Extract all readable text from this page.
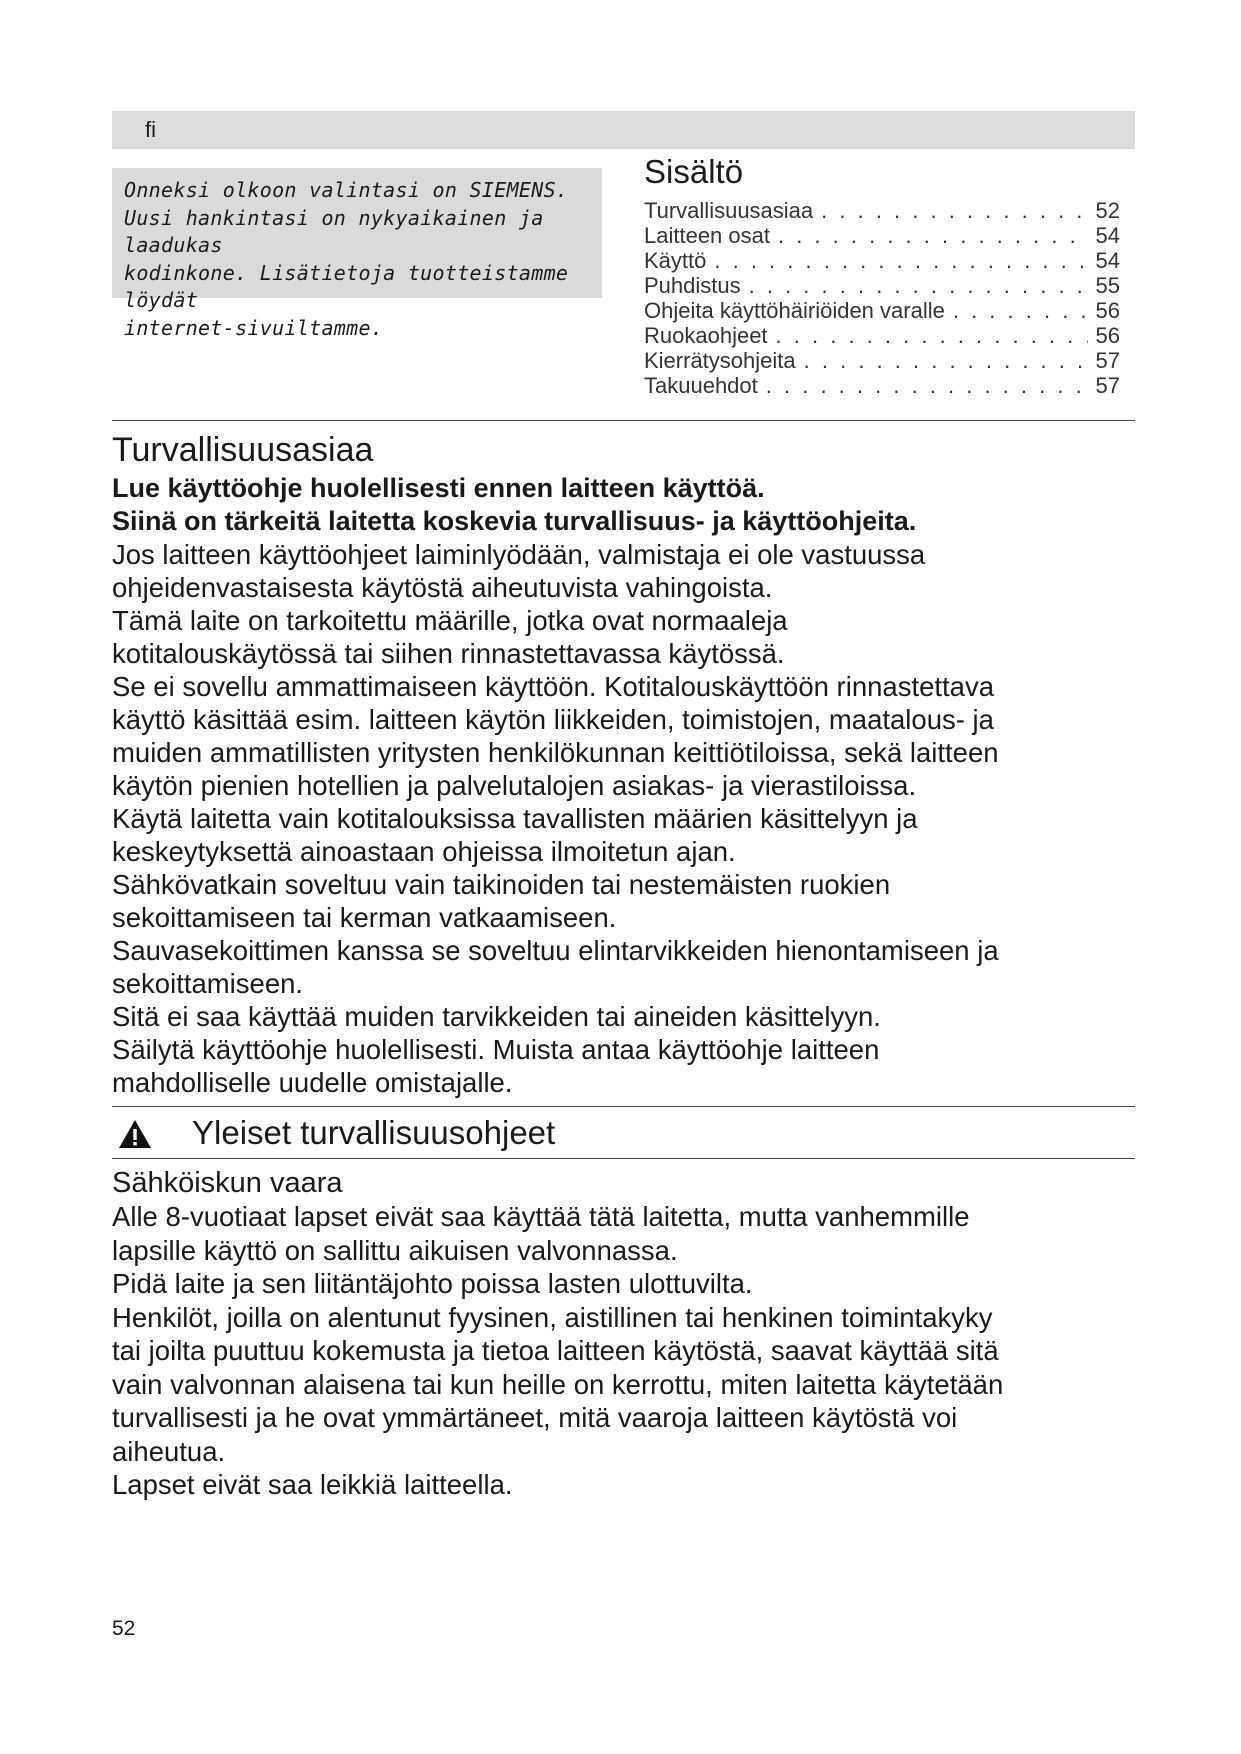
fi
Onneksi olkoon valintasi on SIEMENS.
Uusi hankintasi on nykyaikainen ja laadukas
kodinkone. Lisätietoja tuotteistamme löydät
internet-sivuiltamme.
Sisältö
Turvallisuusasiaa . . .	52
Laitteen osat . . .	54
Käyttö . . .	54
Puhdistus . . .	55
Ohjeita käyttöhäiriöiden varalle . . .	56
Ruokaohjeet . . .	56
Kierrätysohjeita . . .	57
Takuuehdot . . .	57
Turvallisuusasiaa

Lue käyttöohje huolellisesti ennen laitteen käyttöä.

Siinä on tärkeitä laitetta koskevia turvallisuus- ja käyttöohjeita.

Jos laitteen käyttöohjeet laiminlyödään, valmistaja ei ole vastuussa

ohjeidenvastaisesta käytöstä aiheutuvista vahingoista.

Tämä laite on tarkoitettu määrille, jotka ovat normaaleja

kotitalouskäytössä tai siihen rinnastettavassa käytössä.

Se ei sovellu ammattimaiseen käyttöön. Kotitalouskäyttöön rinnastettava

käyttö käsittää esim. laitteen käytön liikkeiden, toimistojen, maatalous- ja

muiden ammatillisten yritysten henkilökunnan keittiötiloissa, sekä laitteen

käytön pienien hotellien ja palvelutalojen asiakas- ja vierastiloissa.

Käytä laitetta vain kotitalouksissa tavallisten määrien käsittelyyn ja

keskeytyksettä ainoastaan ohjeissa ilmoitetun ajan.

Sähkövatkain soveltuu vain taikinoiden tai nestemäisten ruokien

sekoittamiseen tai kerman vatkaamiseen.

Sauvasekoittimen kanssa se soveltuu elintarvikkeiden hienontamiseen ja

sekoittamiseen.

Sitä ei saa käyttää muiden tarvikkeiden tai aineiden käsittelyyn.

Säilytä käyttöohje huolellisesti. Muista antaa käyttöohje laitteen

mahdolliselle uudelle omistajalle.

Yleiset turvallisuusohjeet
Sähköiskun vaara

Alle 8-vuotiaat lapset eivät saa käyttää tätä laitetta, mutta vanhemmille

lapsille käyttö on sallittu aikuisen valvonnassa.

Pidä laite ja sen liitäntäjohto poissa lasten ulottuvilta.

Henkilöt, joilla on alentunut fyysinen, aistillinen tai henkinen toimintakyky

tai joilta puuttuu kokemusta ja tietoa laitteen käytöstä, saavat käyttää sitä

vain valvonnan alaisena tai kun heille on kerrottu, miten laitetta käytetään

turvallisesti ja he ovat ymmärtäneet, mitä vaaroja laitteen käytöstä voi

aiheutua.

Lapset eivät saa leikkiä laitteella.

52
